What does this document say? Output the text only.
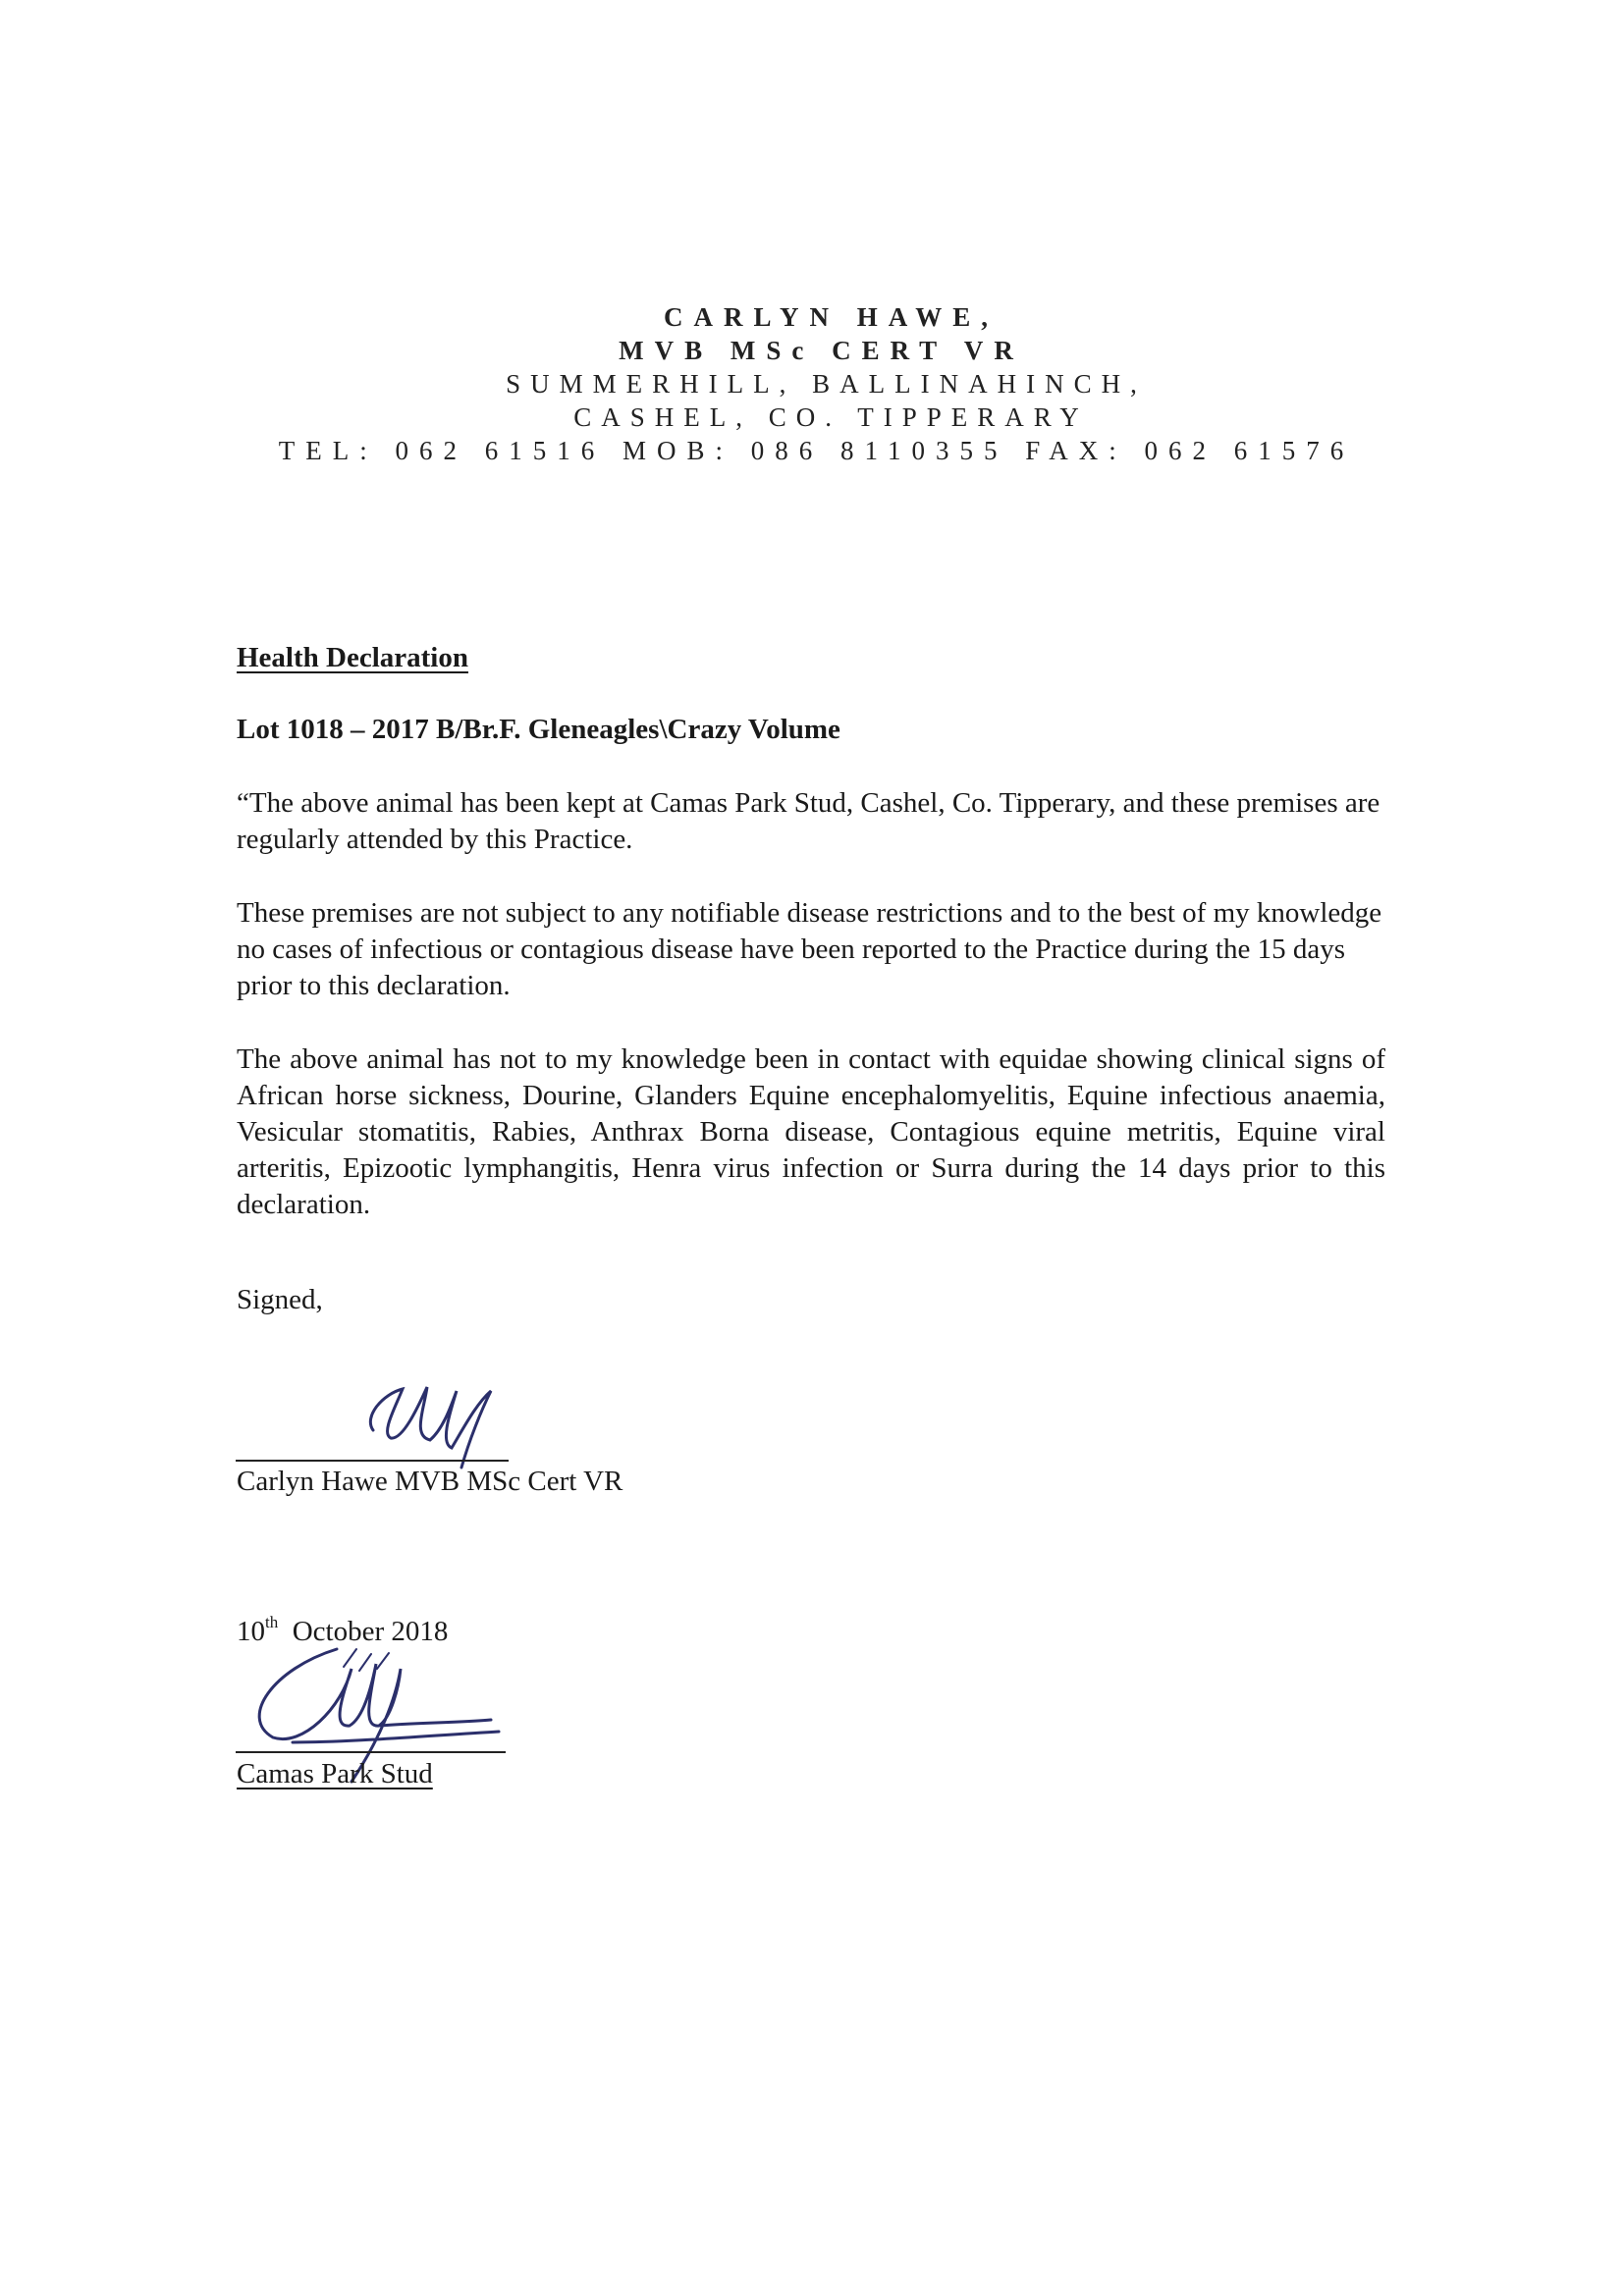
CARLYN HAWE,
MVB MSc CERT VR
SUMMERHILL, BALLINAHINCH,
CASHEL, CO. TIPPERARY
TEL: 062 61516 MOB: 086 8110355 FAX: 062 61576

Health Declaration

Lot 1018 – 2017 B/Br.F. Gleneagles\Crazy Volume

“The above animal has been kept at Camas Park Stud, Cashel, Co. Tipperary, and these premises are regularly attended by this Practice.

These premises are not subject to any notifiable disease restrictions and to the best of my knowledge no cases of infectious or contagious disease have been reported to the Practice during the 15 days prior to this declaration.

The above animal has not to my knowledge been in contact with equidae showing clinical signs of African horse sickness, Dourine, Glanders Equine encephalomyelitis, Equine infectious anaemia, Vesicular stomatitis, Rabies, Anthrax Borna disease, Contagious equine metritis, Equine viral arteritis, Epizootic lymphangitis, Henra virus infection or Surra during the 14 days prior to this declaration.

Signed,

Carlyn Hawe MVB MSc Cert VR
10th October 2018
Camas Park Stud
